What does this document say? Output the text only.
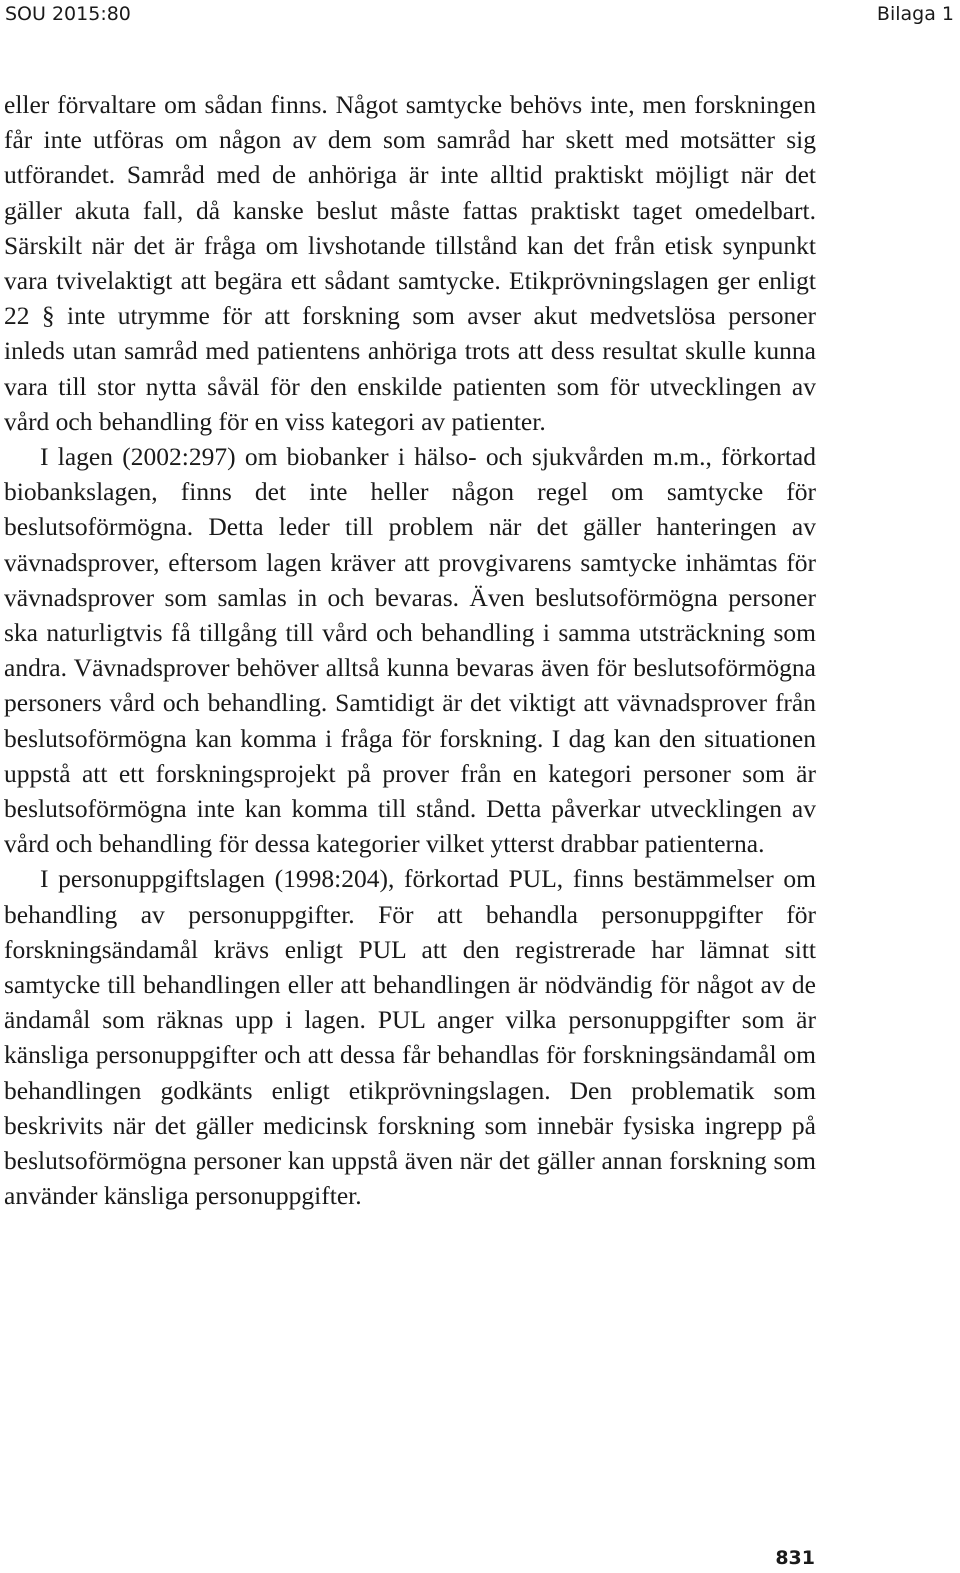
SOU 2015:80	Bilaga 1

eller förvaltare om sådan finns. Något samtycke behövs inte, men forskningen får inte utföras om någon av dem som samråd har skett med motsätter sig utförandet. Samråd med de anhöriga är inte alltid praktiskt möjligt när det gäller akuta fall, då kanske beslut måste fattas praktiskt taget omedelbart. Särskilt när det är fråga om livshotande tillstånd kan det från etisk synpunkt vara tvivelaktigt att begära ett sådant samtycke. Etikprövningslagen ger enligt 22 § inte utrymme för att forskning som avser akut medvetslösa personer inleds utan samråd med patientens anhöriga trots att dess resultat skulle kunna vara till stor nytta såväl för den enskilde patienten som för utvecklingen av vård och behandling för en viss kategori av patienter.

I lagen (2002:297) om biobanker i hälso- och sjukvården m.m., förkortad biobankslagen, finns det inte heller någon regel om samtycke för beslutsoförmögna. Detta leder till problem när det gäller hanteringen av vävnadsprover, eftersom lagen kräver att provgivarens samtycke inhämtas för vävnadsprover som samlas in och bevaras. Även beslutsoförmögna personer ska naturligtvis få tillgång till vård och behandling i samma utsträckning som andra. Vävnadsprover behöver alltså kunna bevaras även för beslutsoförmögna personers vård och behandling. Samtidigt är det viktigt att vävnadsprover från beslutsoförmögna kan komma i fråga för forskning. I dag kan den situationen uppstå att ett forskningsprojekt på prover från en kategori personer som är beslutsoförmögna inte kan komma till stånd. Detta påverkar utvecklingen av vård och behandling för dessa kategorier vilket ytterst drabbar patienterna.

I personuppgiftslagen (1998:204), förkortad PUL, finns bestämmelser om behandling av personuppgifter. För att behandla personuppgifter för forskningsändamål krävs enligt PUL att den registrerade har lämnat sitt samtycke till behandlingen eller att behandlingen är nödvändig för något av de ändamål som räknas upp i lagen. PUL anger vilka personuppgifter som är känsliga personuppgifter och att dessa får behandlas för forskningsändamål om behandlingen godkänts enligt etikprövningslagen. Den problematik som beskrivits när det gäller medicinsk forskning som innebär fysiska ingrepp på beslutsoförmögna personer kan uppstå även när det gäller annan forskning som använder känsliga personuppgifter.

831
